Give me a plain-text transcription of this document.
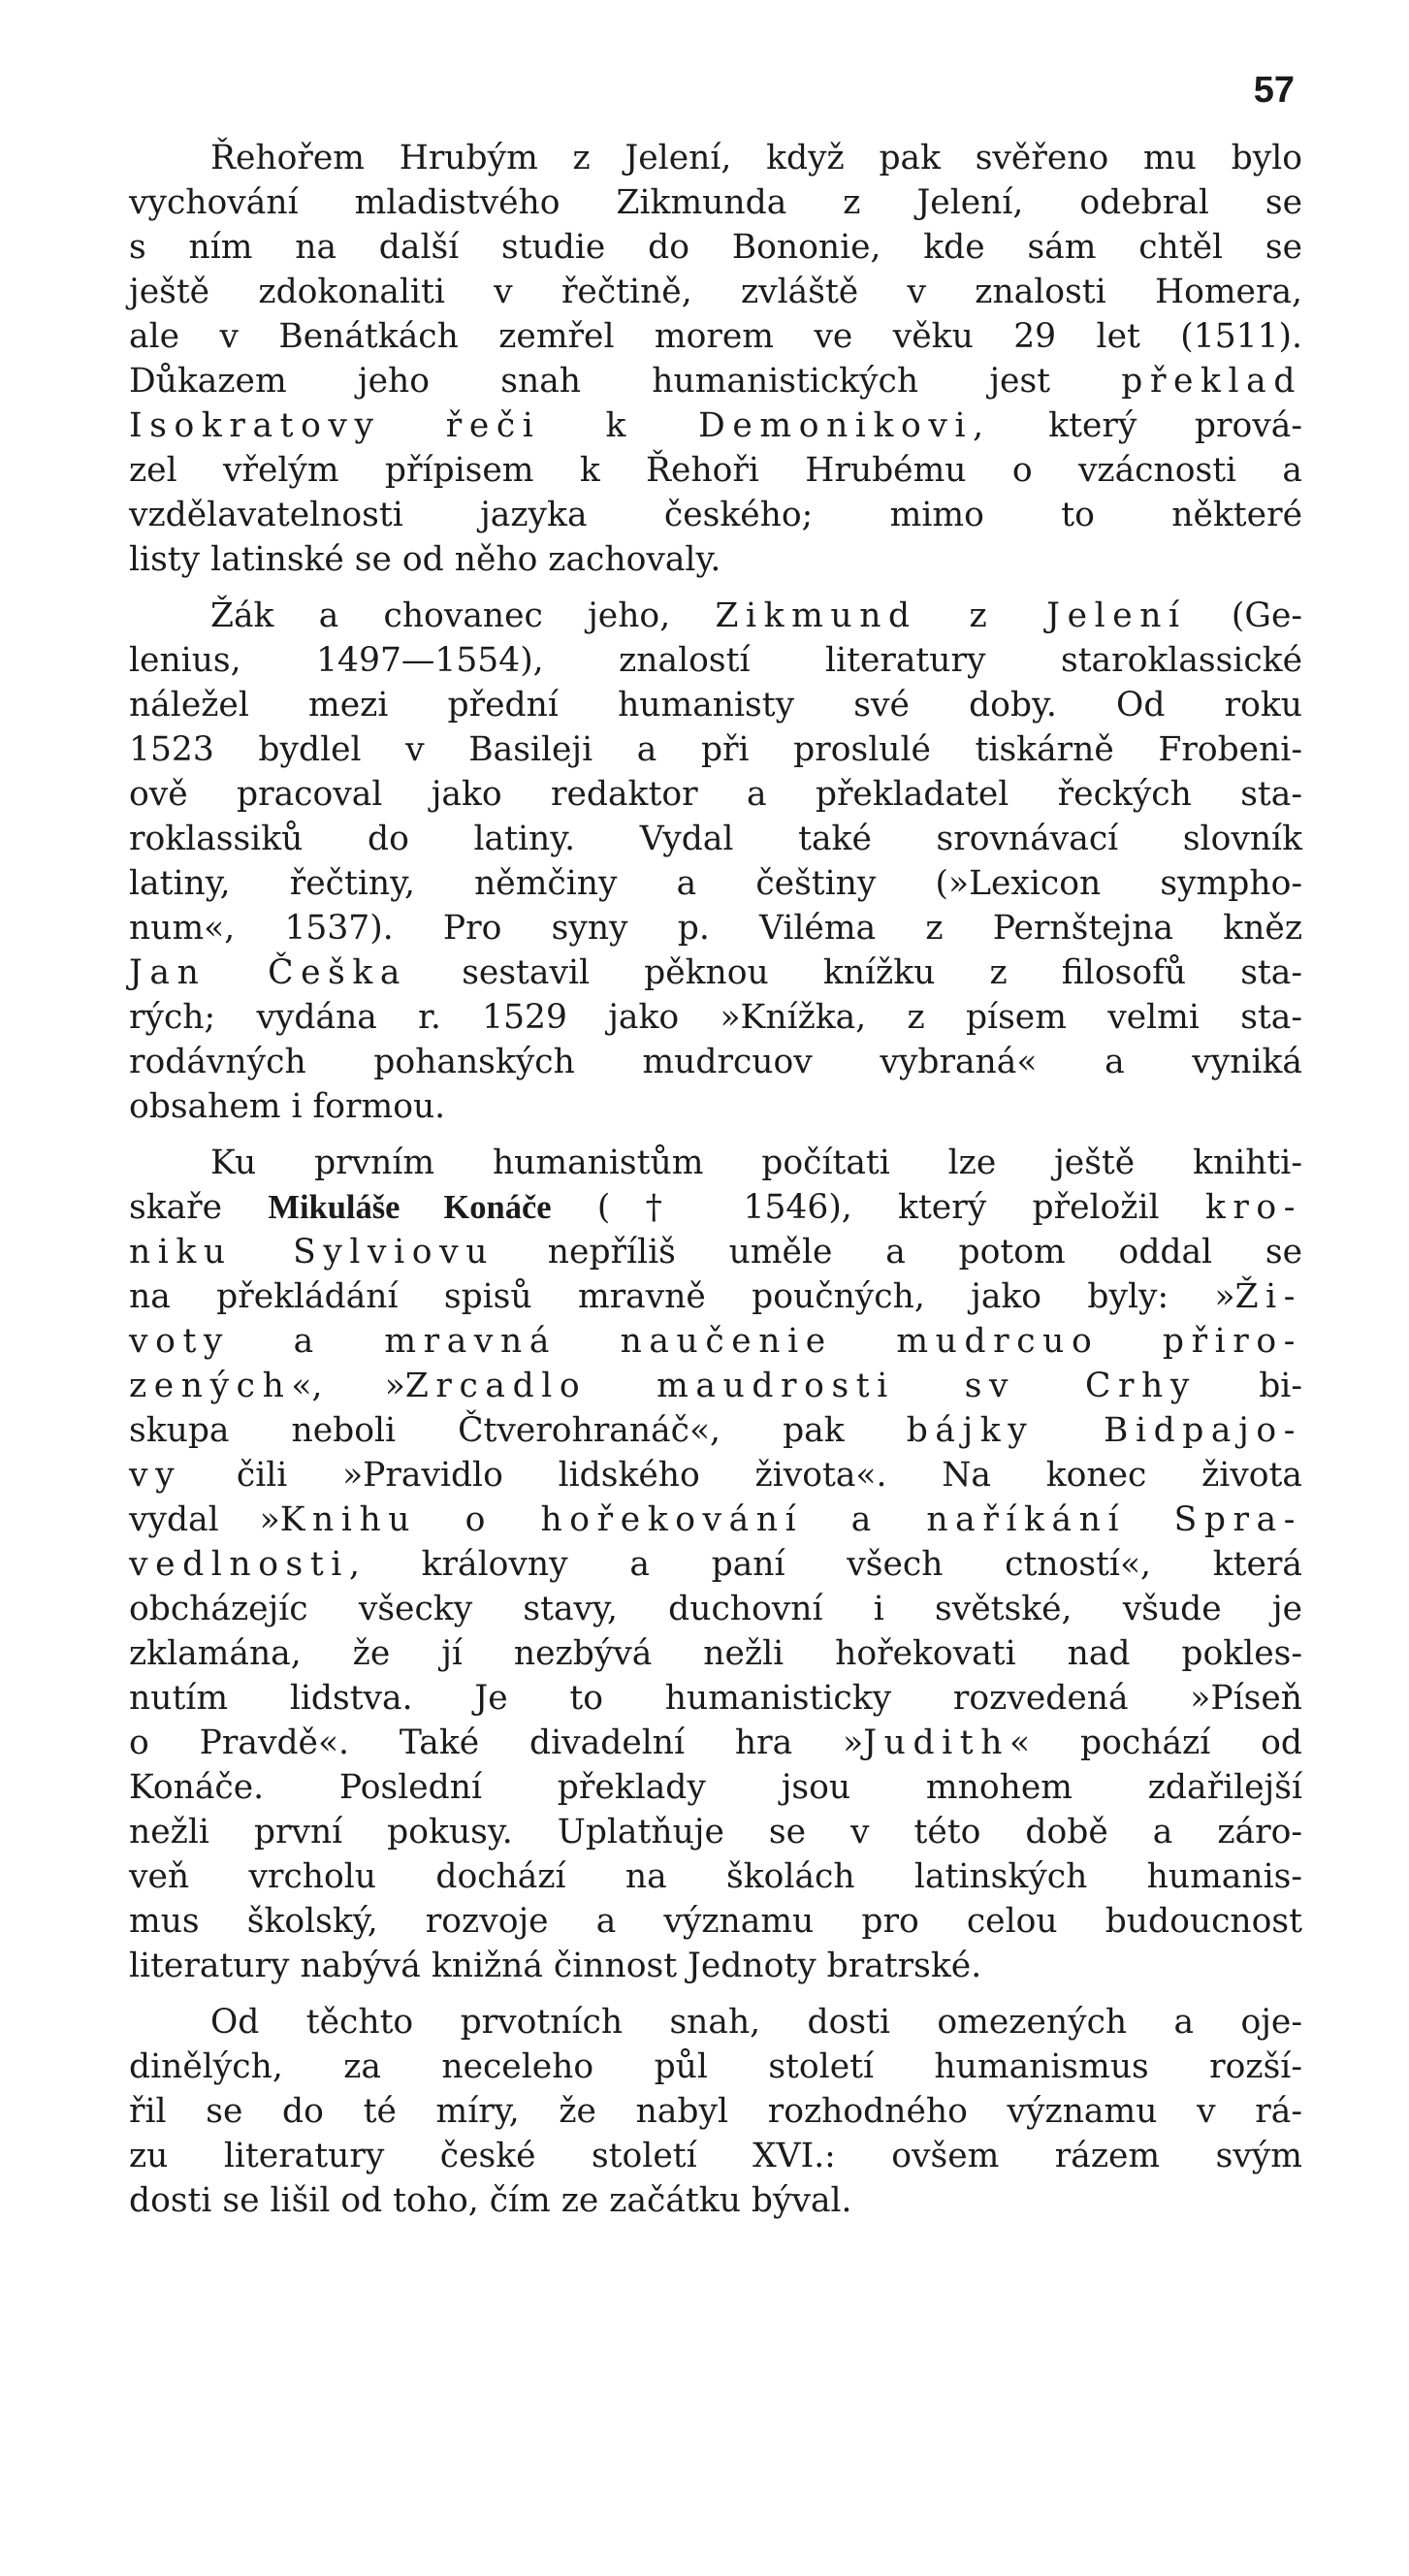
57
Řehořem Hrubým z Jelení, když pak svěřeno mu bylo
vychování mladistvého Zikmunda z Jelení, odebral se
s ním na další studie do Bononie, kde sám chtěl se
ještě zdokonaliti v řečtině, zvláště v znalosti Homera,
ale v Benátkách zemřel morem ve věku 29 let (1511).
Důkazem jeho snah humanistických jest překlad
Isokratovy řeči k Demonikovi, který prová-
zel vřelým přípisem k Řehoři Hrubému o vzácnosti a
vzdělavatelnosti jazyka českého; mimo to některé
listy latinské se od něho zachovaly.
Žák a chovanec jeho, Zikmund z Jelení (Ge-
lenius, 1497—1554), znalostí literatury staroklassické
náležel mezi přední humanisty své doby. Od roku
1523 bydlel v Basileji a při proslulé tiskárně Frobeni-
ově pracoval jako redaktor a překladatel řeckých sta-
roklassiků do latiny. Vydal také srovnávací slovník
latiny, řečtiny, němčiny a češtiny (»Lexicon sympho-
num«, 1537). Pro syny p. Viléma z Pernštejna kněz
Jan Češka sestavil pěknou knížku z filosofů sta-
rých; vydána r. 1529 jako »Knížka, z písem velmi sta-
rodávných pohanských mudrcuov vybraná« a vyniká
obsahem i formou.
Ku prvním humanistům počítati lze ještě knihti-
skaře Mikuláše Konáče († 1546), který přeložil kro-
niku Sylviovu nepříliš uměle a potom oddal se
na překládání spisů mravně poučných, jako byly: »Ži-
voty a mravná naučenie mudrcuo přiro-
zených«, »Zrcadlo maudrosti sv Crhy bi-
skupa neboli Čtverohranáč«, pak bájky Bidpajo-
vy čili »Pravidlo lidského života«. Na konec života
vydal »Knihu o hořekování a naříkání Spra-
vedlnosti, královny a paní všech ctností«, která
obcházejíc všecky stavy, duchovní i světské, všude je
zklamána, že jí nezbývá nežli hořekovati nad pokles-
nutím lidstva. Je to humanisticky rozvedená »Píseň
o Pravdě«. Také divadelní hra »Judith« pochází od
Konáče. Poslední překlady jsou mnohem zdařilejší
nežli první pokusy. Uplatňuje se v této době a záro-
veň vrcholu dochází na školách latinských humanis-
mus školský, rozvoje a významu pro celou budoucnost
literatury nabývá knižná činnost Jednoty bratrské.
Od těchto prvotních snah, dosti omezených a oje-
dinělých, za neceleho půl století humanismus rozší-
řil se do té míry, že nabyl rozhodného významu v rá-
zu literatury české století XVI.: ovšem rázem svým
dosti se lišil od toho, čím ze začátku býval.
